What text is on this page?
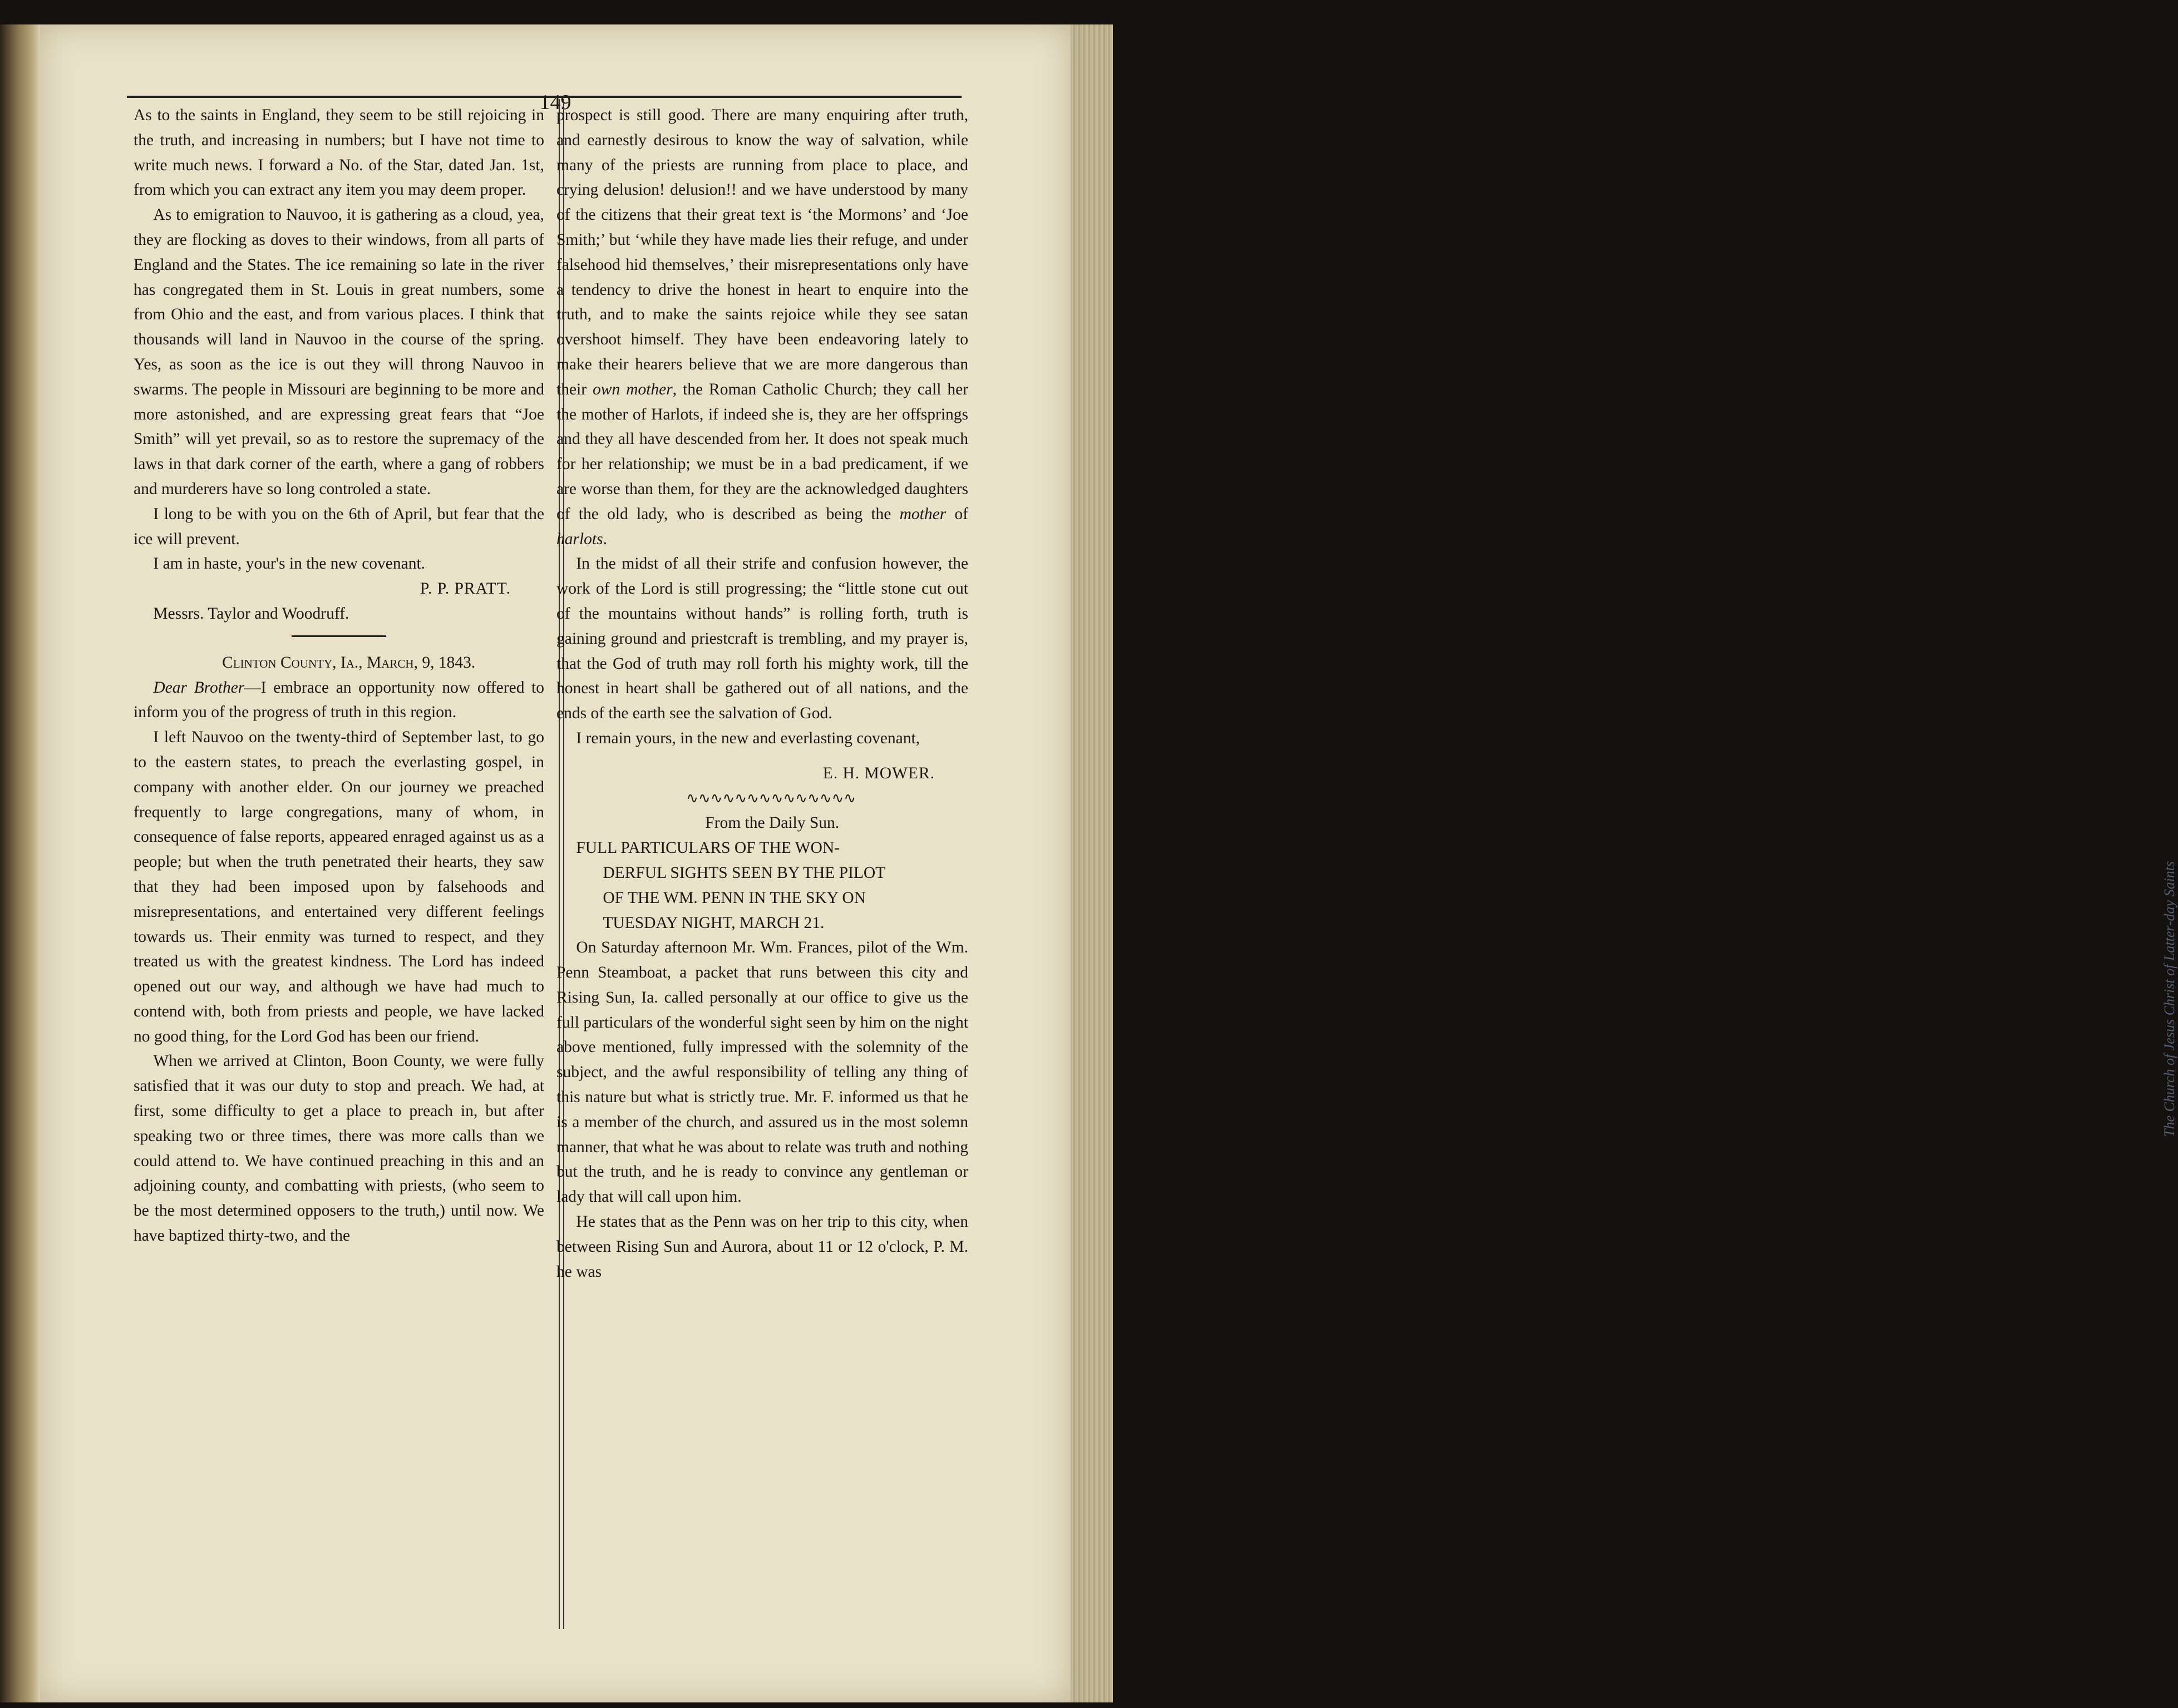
The Church of Jesus Christ of Latter-day Saints
149

As to the saints in England, they seem to be still rejoicing in the truth, and increasing in numbers; but I have not time to write much news. I forward a No. of the Star, dated Jan. 1st, from which you can extract any item you may deem proper.

As to emigration to Nauvoo, it is gathering as a cloud, yea, they are flocking as doves to their windows, from all parts of England and the States. The ice remaining so late in the river has congregated them in St. Louis in great numbers, some from Ohio and the east, and from various places. I think that thousands will land in Nauvoo in the course of the spring. Yes, as soon as the ice is out they will throng Nauvoo in swarms. The people in Missouri are beginning to be more and more astonished, and are expressing great fears that “Joe Smith” will yet prevail, so as to restore the supremacy of the laws in that dark corner of the earth, where a gang of robbers and murderers have so long controled a state.

I long to be with you on the 6th of April, but fear that the ice will prevent.

I am in haste, your's in the new covenant.

P. P. PRATT.

Messrs. Taylor and Woodruff.

Clinton County, Ia., March, 9, 1843.

Dear Brother—I embrace an opportunity now offered to inform you of the progress of truth in this region.

I left Nauvoo on the twenty-third of September last, to go to the eastern states, to preach the everlasting gospel, in company with another elder. On our journey we preached frequently to large congregations, many of whom, in consequence of false reports, appeared enraged against us as a people; but when the truth penetrated their hearts, they saw that they had been imposed upon by falsehoods and misrepresentations, and entertained very different feelings towards us. Their enmity was turned to respect, and they treated us with the greatest kindness. The Lord has indeed opened out our way, and although we have had much to contend with, both from priests and people, we have lacked no good thing, for the Lord God has been our friend.

When we arrived at Clinton, Boon County, we were fully satisfied that it was our duty to stop and preach. We had, at first, some difficulty to get a place to preach in, but after speaking two or three times, there was more calls than we could attend to. We have continued preaching in this and an adjoining county, and combatting with priests, (who seem to be the most determined opposers to the truth,) until now. We have baptized thirty-two, and the

prospect is still good. There are many enquiring after truth, and earnestly desirous to know the way of salvation, while many of the priests are running from place to place, and crying delusion! delusion!! and we have understood by many of the citizens that their great text is ‘the Mormons’ and ‘Joe Smith;’ but ‘while they have made lies their refuge, and under falsehood hid themselves,’ their misrepresentations only have a tendency to drive the honest in heart to enquire into the truth, and to make the saints rejoice while they see satan overshoot himself. They have been endeavoring lately to make their hearers believe that we are more dangerous than their own mother, the Roman Catholic Church; they call her the mother of Harlots, if indeed she is, they are her offsprings and they all have descended from her. It does not speak much for her relationship; we must be in a bad predicament, if we are worse than them, for they are the acknowledged daughters of the old lady, who is described as being the mother of harlots.

In the midst of all their strife and confusion however, the work of the Lord is still progressing; the “little stone cut out of the mountains without hands” is rolling forth, truth is gaining ground and priestcraft is trembling, and my prayer is, that the God of truth may roll forth his mighty work, till the honest in heart shall be gathered out of all nations, and the ends of the earth see the salvation of God.

I remain yours, in the new and everlasting covenant,

E. H. MOWER.

∿∿∿∿∿∿∿∿∿∿∿∿∿∿

From the Daily Sun.

FULL PARTICULARS OF THE WON-

DERFUL SIGHTS SEEN BY THE PILOT

OF THE WM. PENN IN THE SKY ON

TUESDAY NIGHT, MARCH 21.

On Saturday afternoon Mr. Wm. Frances, pilot of the Wm. Penn Steamboat, a packet that runs between this city and Rising Sun, Ia. called personally at our office to give us the full particulars of the wonderful sight seen by him on the night above mentioned, fully impressed with the solemnity of the subject, and the awful responsibility of telling any thing of this nature but what is strictly true. Mr. F. informed us that he is a member of the church, and assured us in the most solemn manner, that what he was about to relate was truth and nothing but the truth, and he is ready to convince any gentleman or lady that will call upon him.

He states that as the Penn was on her trip to this city, when between Rising Sun and Aurora, about 11 or 12 o'clock, P. M. he was
